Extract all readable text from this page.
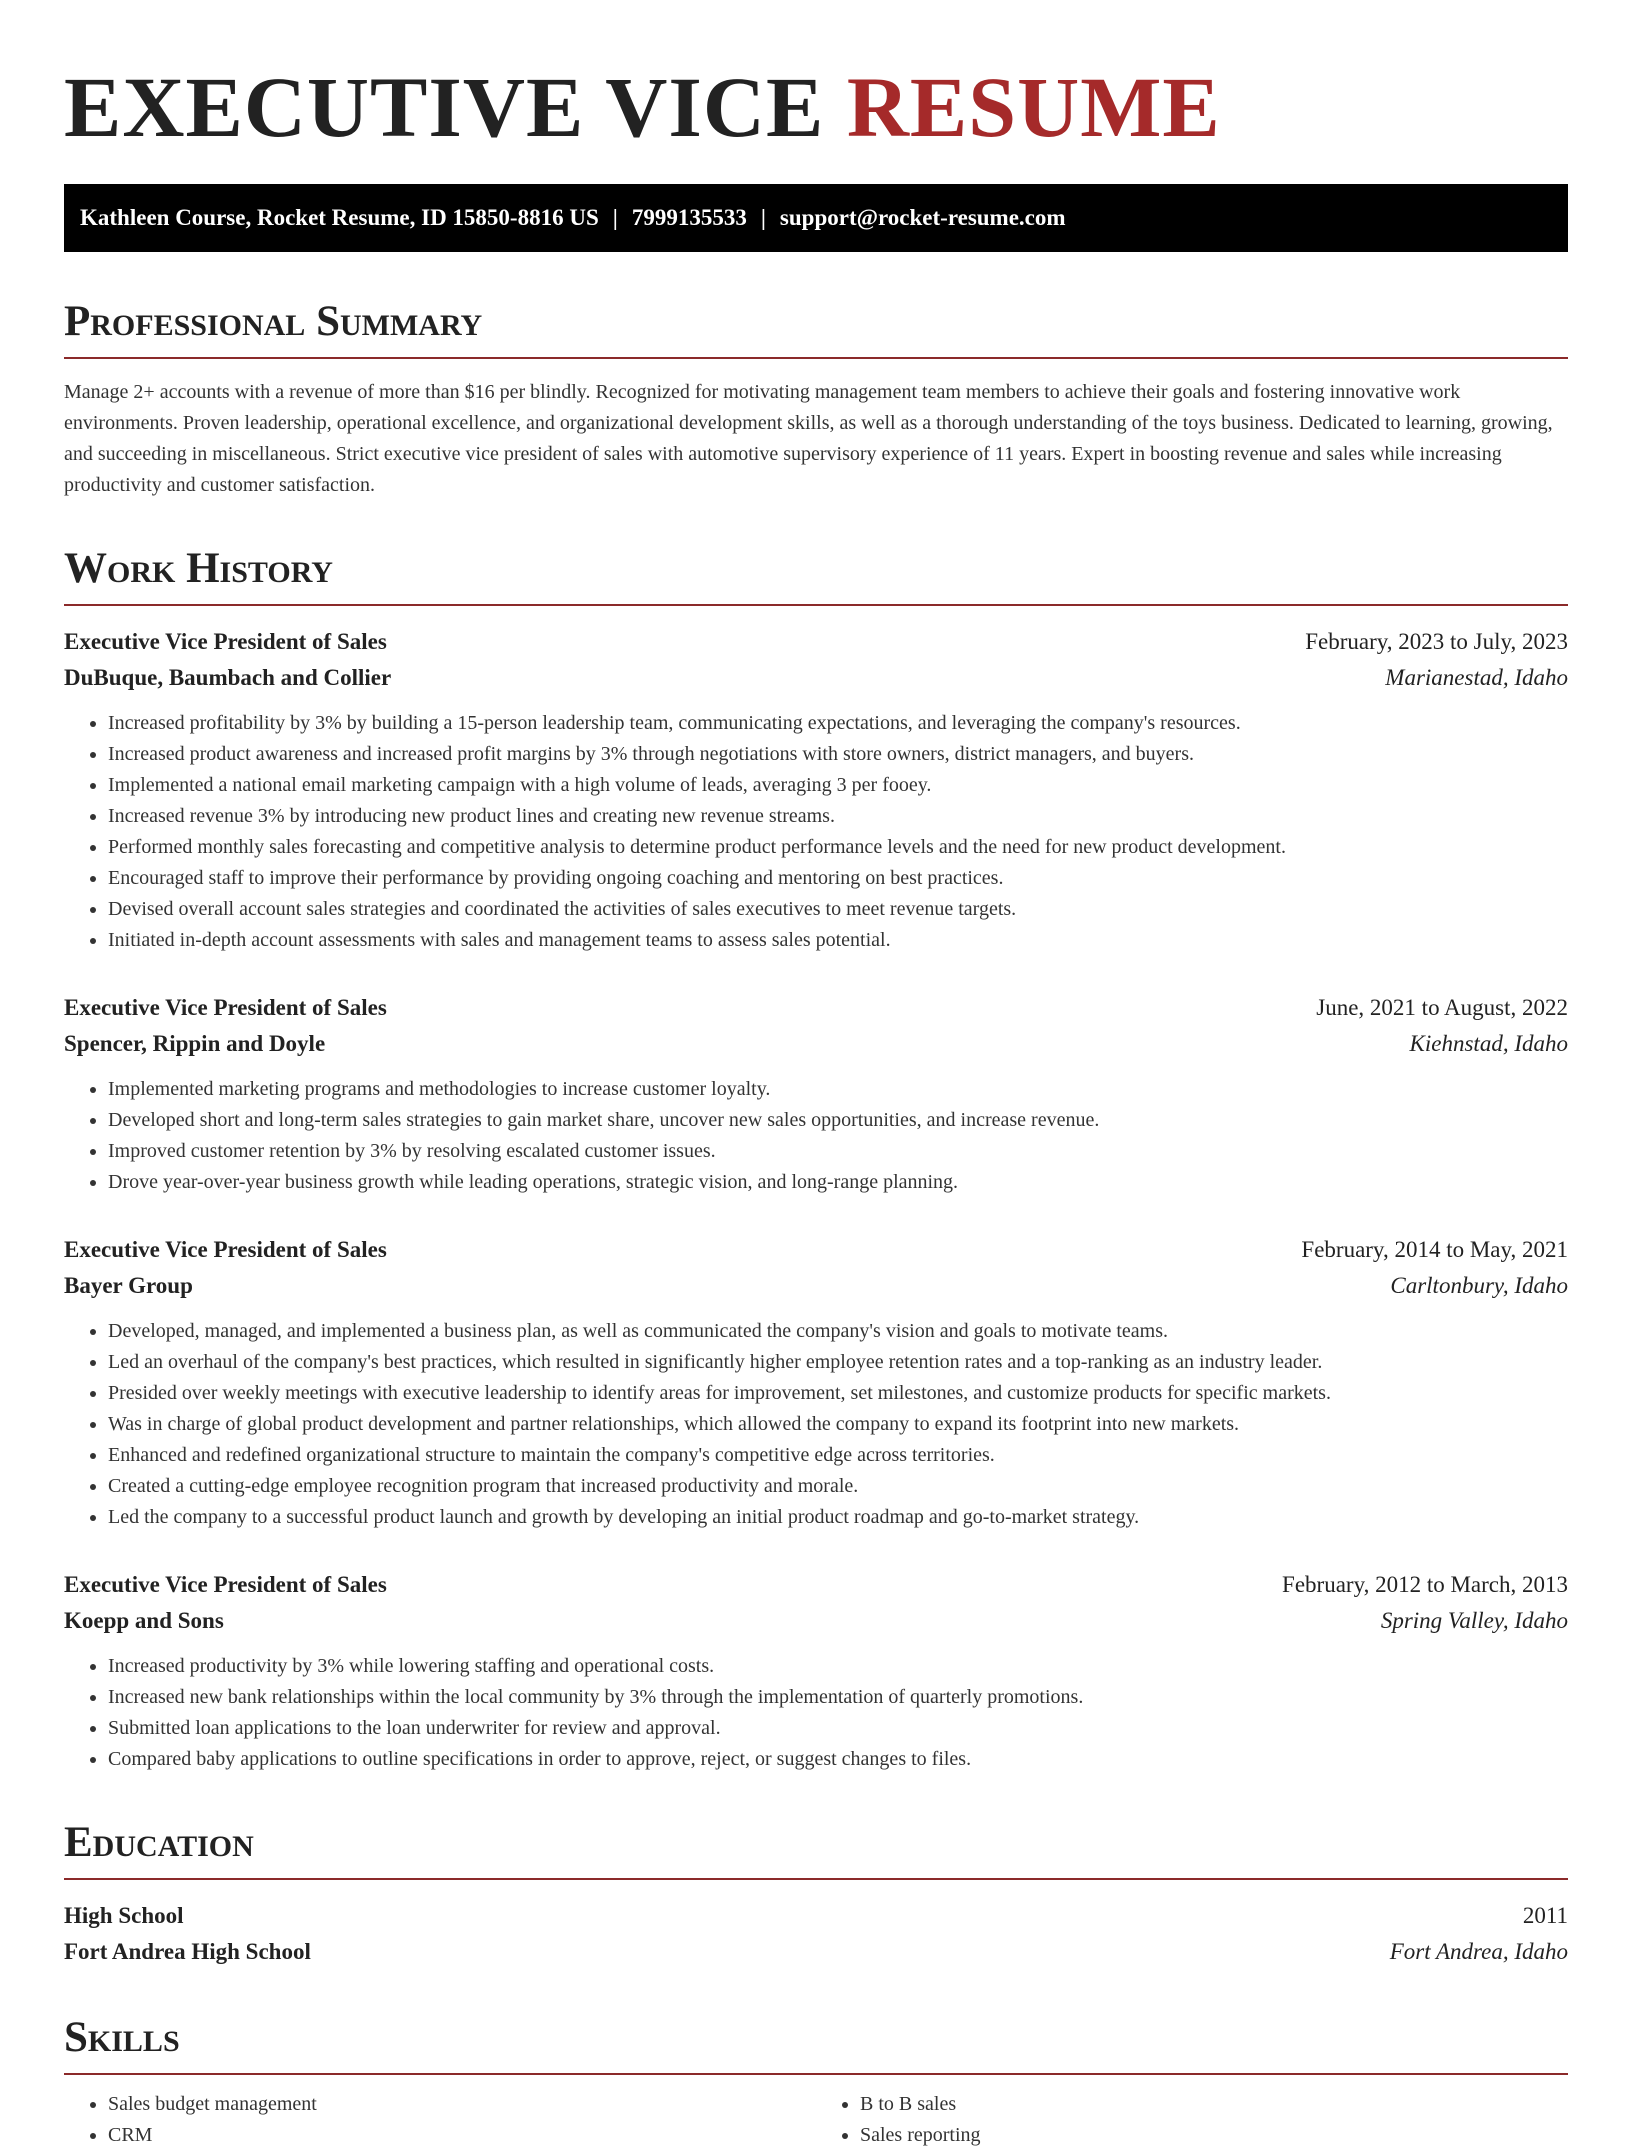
EXECUTIVE VICE RESUME
Kathleen Course, Rocket Resume, ID 15850-8816 US | 7999135533 | support@rocket-resume.com
Professional Summary
Manage 2+ accounts with a revenue of more than $16 per blindly. Recognized for motivating management team members to achieve their goals and fostering innovative work environments. Proven leadership, operational excellence, and organizational development skills, as well as a thorough understanding of the toys business. Dedicated to learning, growing, and succeeding in miscellaneous. Strict executive vice president of sales with automotive supervisory experience of 11 years. Expert in boosting revenue and sales while increasing productivity and customer satisfaction.
Work History
Executive Vice President of Sales	February, 2023 to July, 2023
DuBuque, Baumbach and Collier	Marianestad, Idaho
• Increased profitability by 3% by building a 15-person leadership team, communicating expectations, and leveraging the company's resources.
• Increased product awareness and increased profit margins by 3% through negotiations with store owners, district managers, and buyers.
• Implemented a national email marketing campaign with a high volume of leads, averaging 3 per fooey.
• Increased revenue 3% by introducing new product lines and creating new revenue streams.
• Performed monthly sales forecasting and competitive analysis to determine product performance levels and the need for new product development.
• Encouraged staff to improve their performance by providing ongoing coaching and mentoring on best practices.
• Devised overall account sales strategies and coordinated the activities of sales executives to meet revenue targets.
• Initiated in-depth account assessments with sales and management teams to assess sales potential.
Executive Vice President of Sales	June, 2021 to August, 2022
Spencer, Rippin and Doyle	Kiehnstad, Idaho
• Implemented marketing programs and methodologies to increase customer loyalty.
• Developed short and long-term sales strategies to gain market share, uncover new sales opportunities, and increase revenue.
• Improved customer retention by 3% by resolving escalated customer issues.
• Drove year-over-year business growth while leading operations, strategic vision, and long-range planning.
Executive Vice President of Sales	February, 2014 to May, 2021
Bayer Group	Carltonbury, Idaho
• Developed, managed, and implemented a business plan, as well as communicated the company's vision and goals to motivate teams.
• Led an overhaul of the company's best practices, which resulted in significantly higher employee retention rates and a top-ranking as an industry leader.
• Presided over weekly meetings with executive leadership to identify areas for improvement, set milestones, and customize products for specific markets.
• Was in charge of global product development and partner relationships, which allowed the company to expand its footprint into new markets.
• Enhanced and redefined organizational structure to maintain the company's competitive edge across territories.
• Created a cutting-edge employee recognition program that increased productivity and morale.
• Led the company to a successful product launch and growth by developing an initial product roadmap and go-to-market strategy.
Executive Vice President of Sales	February, 2012 to March, 2013
Koepp and Sons	Spring Valley, Idaho
• Increased productivity by 3% while lowering staffing and operational costs.
• Increased new bank relationships within the local community by 3% through the implementation of quarterly promotions.
• Submitted loan applications to the loan underwriter for review and approval.
• Compared baby applications to outline specifications in order to approve, reject, or suggest changes to files.
Education
High School	2011
Fort Andrea High School	Fort Andrea, Idaho
Skills
• Sales budget management
• CRM
• B to B sales
• Sales reporting
